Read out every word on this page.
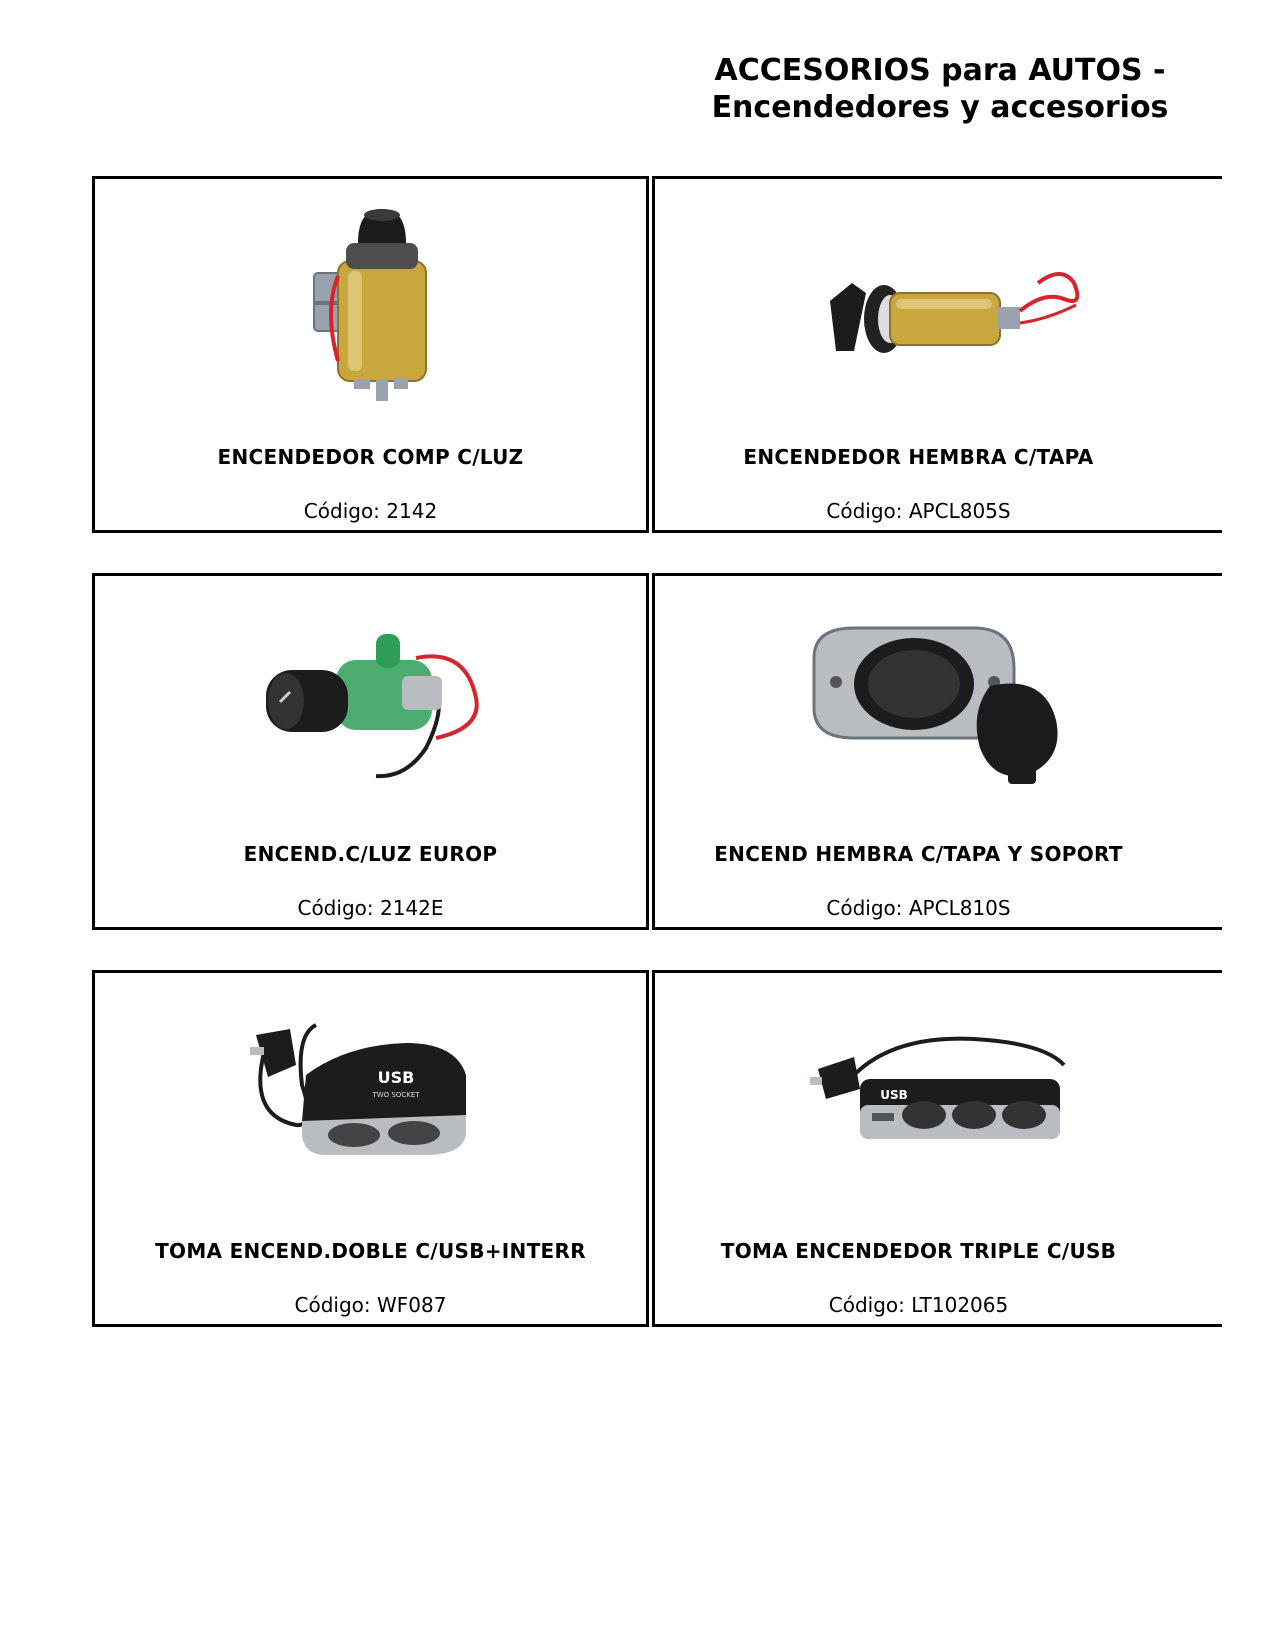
ACCESORIOS para AUTOS -
Encendedores y accesorios
ENCENDEDOR COMP C/LUZ
Código: 2142
ENCENDEDOR HEMBRA C/TAPA
Código: APCL805S
ENCEND.C/LUZ EUROP
Código: 2142E
ENCEND HEMBRA C/TAPA Y SOPORT
Código: APCL810S
USB
TWO SOCKET
TOMA ENCEND.DOBLE C/USB+INTERR
Código: WF087
USB
TOMA ENCENDEDOR TRIPLE C/USB
Código: LT102065
